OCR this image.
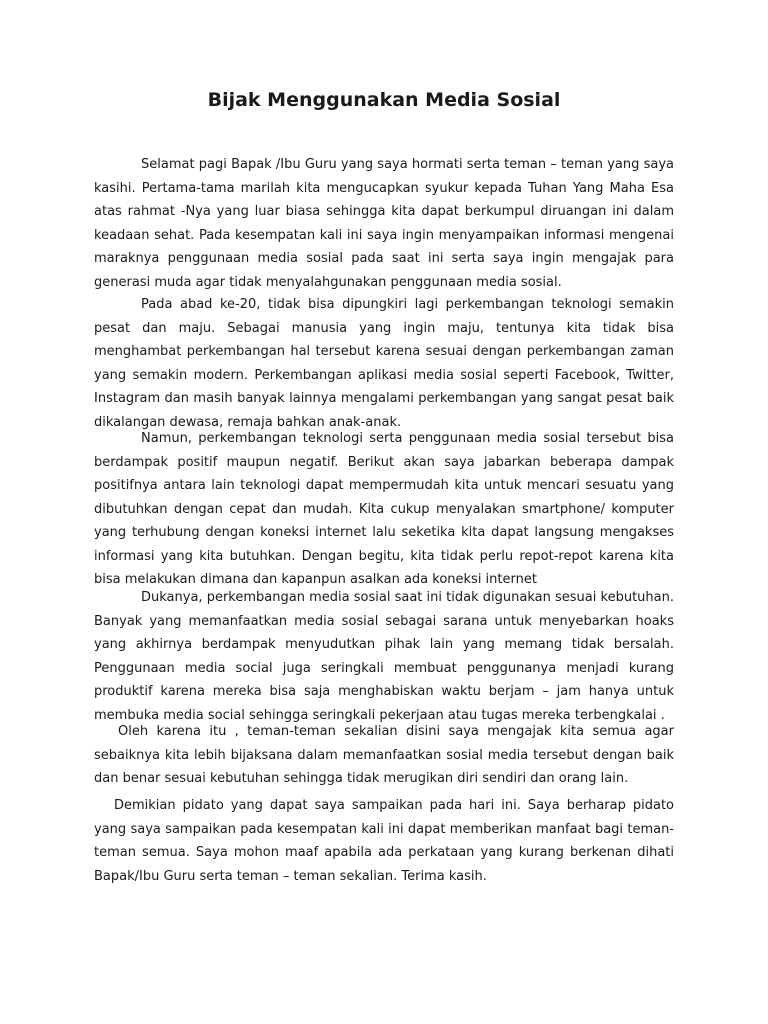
Bijak Menggunakan Media Sosial

Selamat pagi Bapak /Ibu Guru yang saya hormati serta teman – teman yang saya kasihi. Pertama-tama marilah kita mengucapkan syukur kepada Tuhan Yang Maha Esa atas rahmat -Nya yang luar biasa sehingga kita dapat berkumpul diruangan ini dalam keadaan sehat. Pada kesempatan kali ini saya ingin menyampaikan informasi mengenai maraknya penggunaan media sosial pada saat ini serta saya ingin mengajak para generasi muda agar tidak menyalahgunakan penggunaan media sosial.

Pada abad ke-20, tidak bisa dipungkiri lagi perkembangan teknologi semakin pesat dan maju. Sebagai manusia yang ingin maju, tentunya kita tidak bisa menghambat perkembangan hal tersebut karena sesuai dengan perkembangan zaman yang semakin modern. Perkembangan aplikasi media sosial seperti Facebook, Twitter, Instagram dan masih banyak lainnya mengalami perkembangan yang sangat pesat baik dikalangan dewasa, remaja bahkan anak-anak.

Namun, perkembangan teknologi serta penggunaan media sosial tersebut bisa berdampak positif maupun negatif. Berikut akan saya jabarkan beberapa dampak positifnya antara lain teknologi dapat mempermudah kita untuk mencari sesuatu yang dibutuhkan dengan cepat dan mudah. Kita cukup menyalakan smartphone/ komputer yang terhubung dengan koneksi internet lalu seketika kita dapat langsung mengakses informasi yang kita butuhkan. Dengan begitu, kita tidak perlu repot-repot karena kita bisa melakukan dimana dan kapanpun asalkan ada koneksi internet

Dukanya, perkembangan media sosial saat ini tidak digunakan sesuai kebutuhan. Banyak yang memanfaatkan media sosial sebagai sarana untuk menyebarkan hoaks yang akhirnya berdampak menyudutkan pihak lain yang memang tidak bersalah. Penggunaan media social juga seringkali membuat penggunanya menjadi kurang produktif karena mereka bisa saja menghabiskan waktu berjam – jam hanya untuk membuka media social sehingga seringkali pekerjaan atau tugas mereka terbengkalai .

Oleh karena itu , teman-teman sekalian disini saya mengajak kita semua agar sebaiknya kita lebih bijaksana dalam memanfaatkan sosial media tersebut dengan baik dan benar sesuai kebutuhan sehingga tidak merugikan diri sendiri dan orang lain.

Demikian pidato yang dapat saya sampaikan pada hari ini. Saya berharap pidato yang saya sampaikan pada kesempatan kali ini dapat memberikan manfaat bagi teman-teman semua. Saya mohon maaf apabila ada perkataan yang kurang berkenan dihati Bapak/Ibu Guru serta teman – teman sekalian. Terima kasih.
